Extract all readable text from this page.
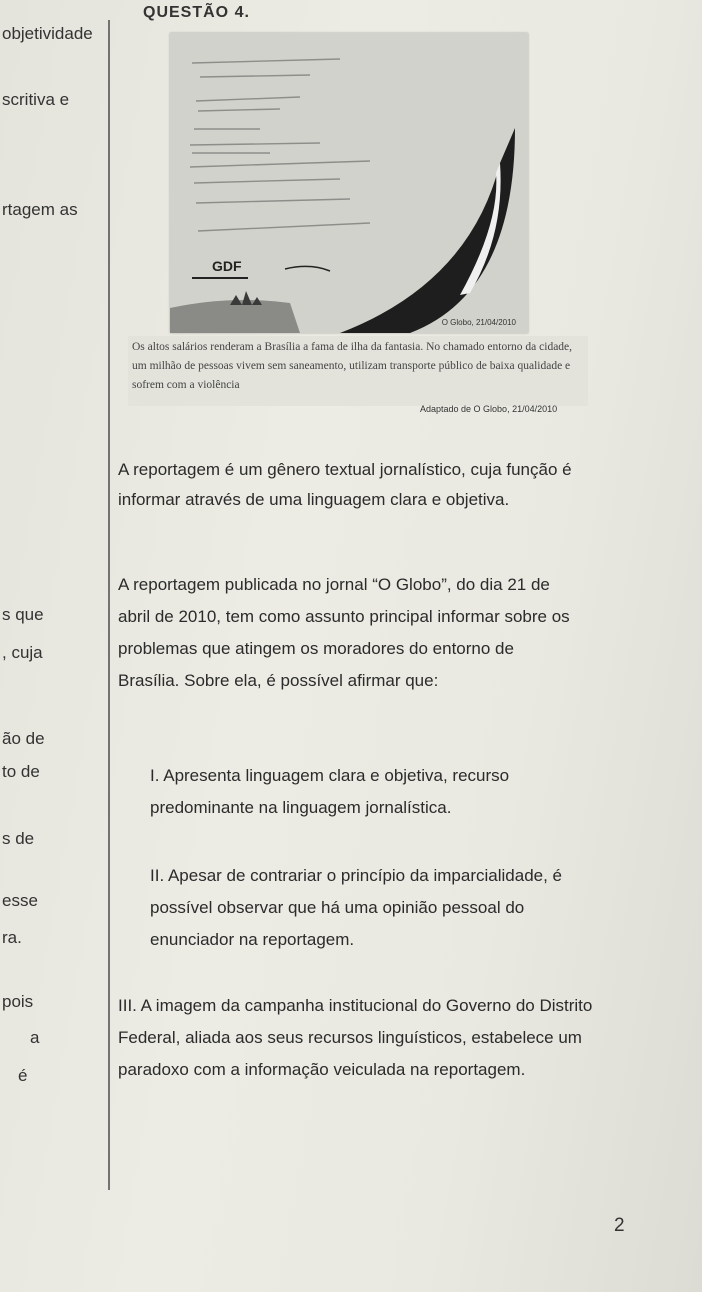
objetividade
scritiva e
rtagem as
s que
, cuja
ão de
to de
s de
esse
ra.
pois
a
é
QUESTÃO 4.
GDF
O Globo, 21/04/2010
Os altos salários renderam a Brasília a fama de ilha da fantasia. No chamado entorno da cidade, um milhão de pessoas vivem sem saneamento, utilizam transporte público de baixa qualidade e sofrem com a violência
Adaptado de O Globo, 21/04/2010
A reportagem é um gênero textual jornalístico, cuja função é informar através de uma linguagem clara e objetiva.
A reportagem publicada no jornal “O Globo”, do dia 21 de abril de 2010, tem como assunto principal informar sobre os problemas que atingem os moradores do entorno de Brasília. Sobre ela, é possível afirmar que:
I. Apresenta linguagem clara e objetiva, recurso predominante na linguagem jornalística.
II. Apesar de contrariar o princípio da imparcialidade, é possível observar que há uma opinião pessoal do enunciador na reportagem.
III. A imagem da campanha institucional do Governo do Distrito Federal, aliada aos seus recursos linguísticos, estabelece um paradoxo com a informação veiculada na reportagem.
2
